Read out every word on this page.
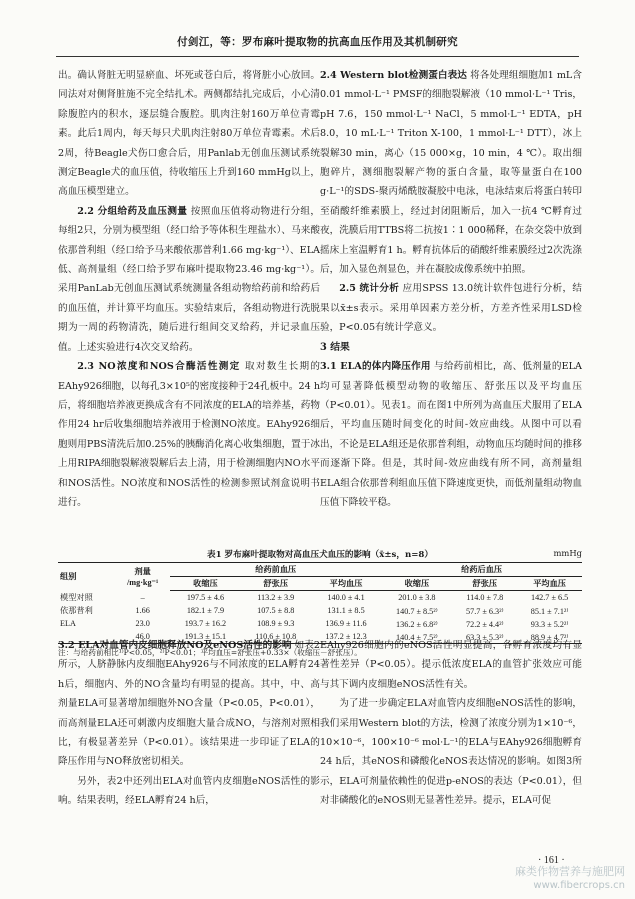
付剑江，等：罗布麻叶提取物的抗高血压作用及其机制研究

出。确认肾脏无明显瘀血、坏死或苍白后，将肾脏小心放回。同法对对侧肾脏施不完全结扎术。两侧都结扎完成后，小心清除腹腔内的积水，逐层缝合腹腔。肌肉注射160万单位青霉素。此后1周内，每天每只犬肌肉注射80万单位青霉素。术后2周，待Beagle犬伤口愈合后，用Panlab无创血压测试系统测定Beagle犬的血压值，待收缩压上升到160 mmHg以上，高血压模型建立。

2.2 分组给药及血压测量 按照血压值将动物进行分组，每组2只，分别为模型组（经口给予等体积生理盐水）、马来酸依那普利组（经口给予马来酸依那普利1.66 mg·kg⁻¹）、ELA低、高剂量组（经口给予罗布麻叶提取物23.46 mg·kg⁻¹）。采用PanLab无创血压测试系统测量各组动物给药前和给药后的血压值，并计算平均血压。实验结束后，各组动物进行洗脱期为一周的药物清洗，随后进行组间交叉给药，并记录血压值。上述实验进行4次交叉给药。

2.3 NO浓度和NOS合酶活性测定 取对数生长期的EAhy926细胞，以每孔3×10⁵的密度接种于24孔板中。24 h后，将细胞培养液更换成含有不同浓度的ELA的培养基，药物作用24 hr后收集细胞培养液用于检测NO浓度。EAhy926细胞则用PBS清洗后加0.25%的胰酶消化离心收集细胞，置于冰上用RIPA细胞裂解液裂解后去上清，用于检测细胞内NO水平和NOS活性。NO浓度和NOS活性的检测参照试剂盒说明书进行。

2.4 Western blot检测蛋白表达 将各处理组细胞加1 mL含0.01 mmol·L⁻¹ PMSF的细胞裂解液（10 mmol·L⁻¹ Tris，pH 7.6，150 mmol·L⁻¹ NaCl，5 mmol·L⁻¹ EDTA，pH 8.0，10 mL·L⁻¹ Triton X-100，1 mmol·L⁻¹ DTT），冰上裂解30 min，离心（15 000×g，10 min，4 ℃）。取出细胞碎片，测细胞裂解产物的蛋白含量，取等量蛋白在100 g·L⁻¹的SDS-聚丙烯酰胺凝胶中电泳，电泳结束后将蛋白转印至硝酸纤维素膜上，经过封闭阻断后，加入一抗4 ℃孵育过夜，洗膜后用TTBS将二抗按1∶1 000稀释，在杂交袋中放到摇床上室温孵育1 h。孵育抗体后的硝酸纤维素膜经过2次洗涤后，加入显色剂显色，并在凝胶成像系统中拍照。

2.5 统计分析 应用SPSS 13.0统计软件包进行分析，结果以x̄±s表示。采用单因素方差分析，方差齐性采用LSD检验，P<0.05有统计学意义。

3 结果

3.1 ELA的体内降压作用 与给药前相比，高、低剂量的ELA均可显著降低模型动物的收缩压、舒张压以及平均血压（P<0.01）。见表1。而在图1中所列为高血压犬服用了ELA后，平均血压随时间变化的时间-效应曲线。从图中可以看出，不论是ELA组还是依那普利组，动物血压均随时间的推移而逐渐下降。但是，其时间-效应曲线有所不同，高剂量组ELA组合依那普利组血压值下降速度更快，而低剂量组动物血压值下降较平稳。

表1 罗布麻叶提取物对高血压犬血压的影响（x̄±s，n=8）	mmHg
组别	剂量
/mg·kg⁻¹	给药前血压			给药后血压		
		收缩压	舒张压	平均血压	收缩压	舒张压	平均血压
模型对照	–	197.5 ± 4.6	113.2 ± 3.9	140.0 ± 4.1	201.0 ± 3.8	114.0 ± 7.8	142.7 ± 6.5
依那普利	1.66	182.1 ± 7.9	107.5 ± 8.8	131.1 ± 8.5	140.7 ± 8.5²⁾	57.7 ± 6.3²⁾	85.1 ± 7.1²⁾
ELA	23.0	193.7 ± 16.2	108.9 ± 9.3	136.9 ± 11.6	136.2 ± 6.8²⁾	72.2 ± 4.4²⁾	93.3 ± 5.2²⁾
	46.0	191.3 ± 15.1	110.6 ± 10.8	137.2 ± 12.3	140.4 ± 7.5²⁾	63.3 ± 5.3²⁾	88.9 ± 4.7²⁾
注：与给药前相比¹⁾P<0.05，²⁾P<0.01；平均血压=舒张压+0.33×（收缩压－舒张压）。

3.2 ELA对血管内皮细胞释放NO及eNOS活性的影响 如表2所示，人脐静脉内皮细胞EAhy926与不同浓度的ELA孵育24 h后，细胞内、外的NO含量均有明显的提高。其中，中、高剂量ELA可显著增加细胞外NO含量（P<0.05，P<0.01），而高剂量ELA还可刺激内皮细胞大量合成NO，与溶剂对照相比，有极显著差异（P<0.01）。该结果进一步印证了ELA的降压作用与NO释放密切相关。

另外，表2中还列出ELA对血管内皮细胞eNOS活性的影响。结果表明，经ELA孵育24 h后，

EAhy926细胞内的eNOS活性明显提高，各孵育浓度均有显著性差异（P<0.05）。提示低浓度ELA的血管扩张效应可能与其下调内皮细胞eNOS活性有关。

为了进一步确定ELA对血管内皮细胞eNOS活性的影响，我们采用Western blot的方法，检测了浓度分别为1×10⁻⁶，10×10⁻⁶，100×10⁻⁶ mol·L⁻¹的ELA与EAhy926细胞孵育24 h后，其eNOS和磷酸化eNOS表达情况的影响。如图3所示，ELA可剂量依赖性的促进p-eNOS的表达（P<0.01），但对非磷酸化的eNOS则无显著性差异。提示，ELA可促

· 161 ·
麻类作物营养与施肥网
www.fibercrops.cn
